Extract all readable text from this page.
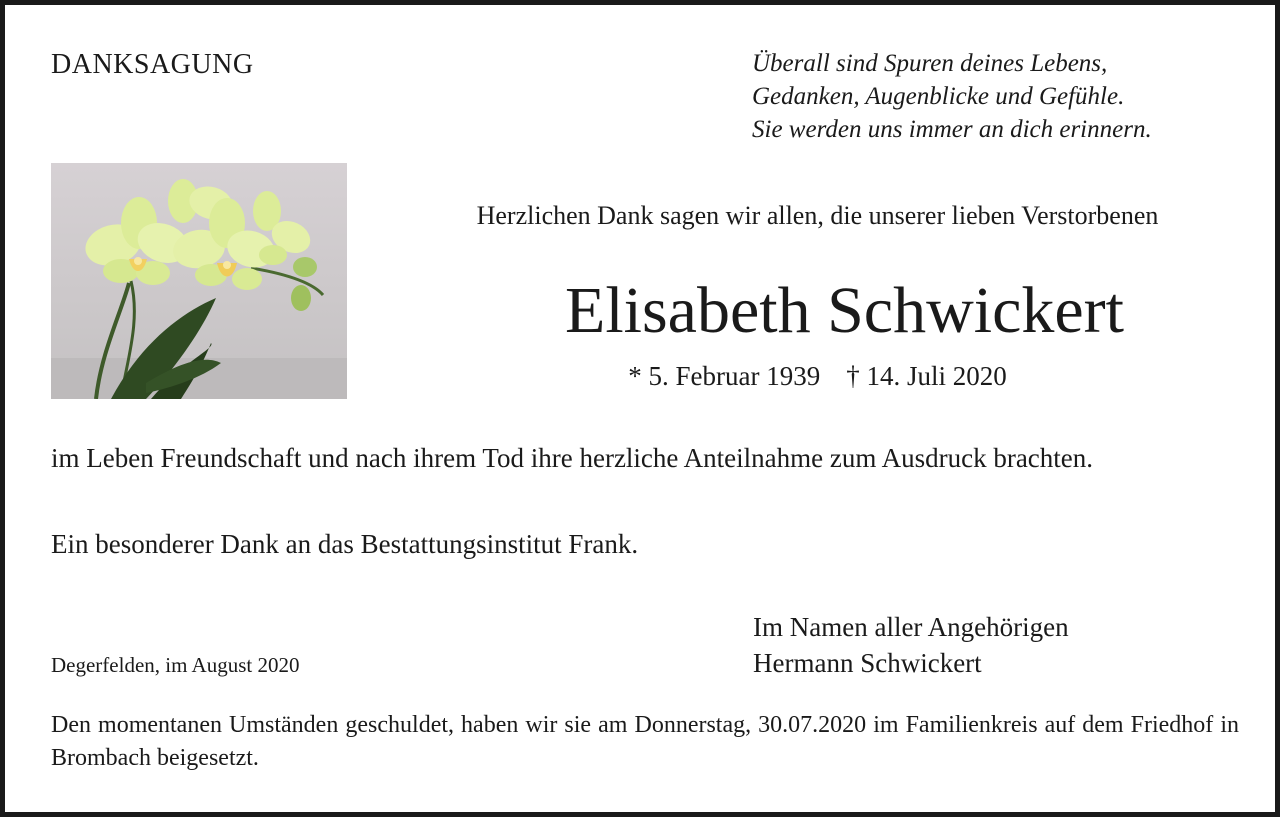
DANKSAGUNG	Überall sind Spuren deines Lebens,
Gedanken, Augenblicke und Gefühle.
Sie werden uns immer an dich erinnern.
Herzlichen Dank sagen wir allen, die unserer lieben Verstorbenen
Elisabeth Schwickert
* 5. Februar 1939 † 14. Juli 2020
im Leben Freundschaft und nach ihrem Tod ihre herzliche Anteilnahme zum Ausdruck brachten.
Ein besonderer Dank an das Bestattungsinstitut Frank.
Im Namen aller Angehörigen
Hermann Schwickert
Degerfelden, im August 2020
Den momentanen Umständen geschuldet, haben wir sie am Donnerstag, 30.07.2020 im Familienkreis auf dem Friedhof in Brombach beigesetzt.
